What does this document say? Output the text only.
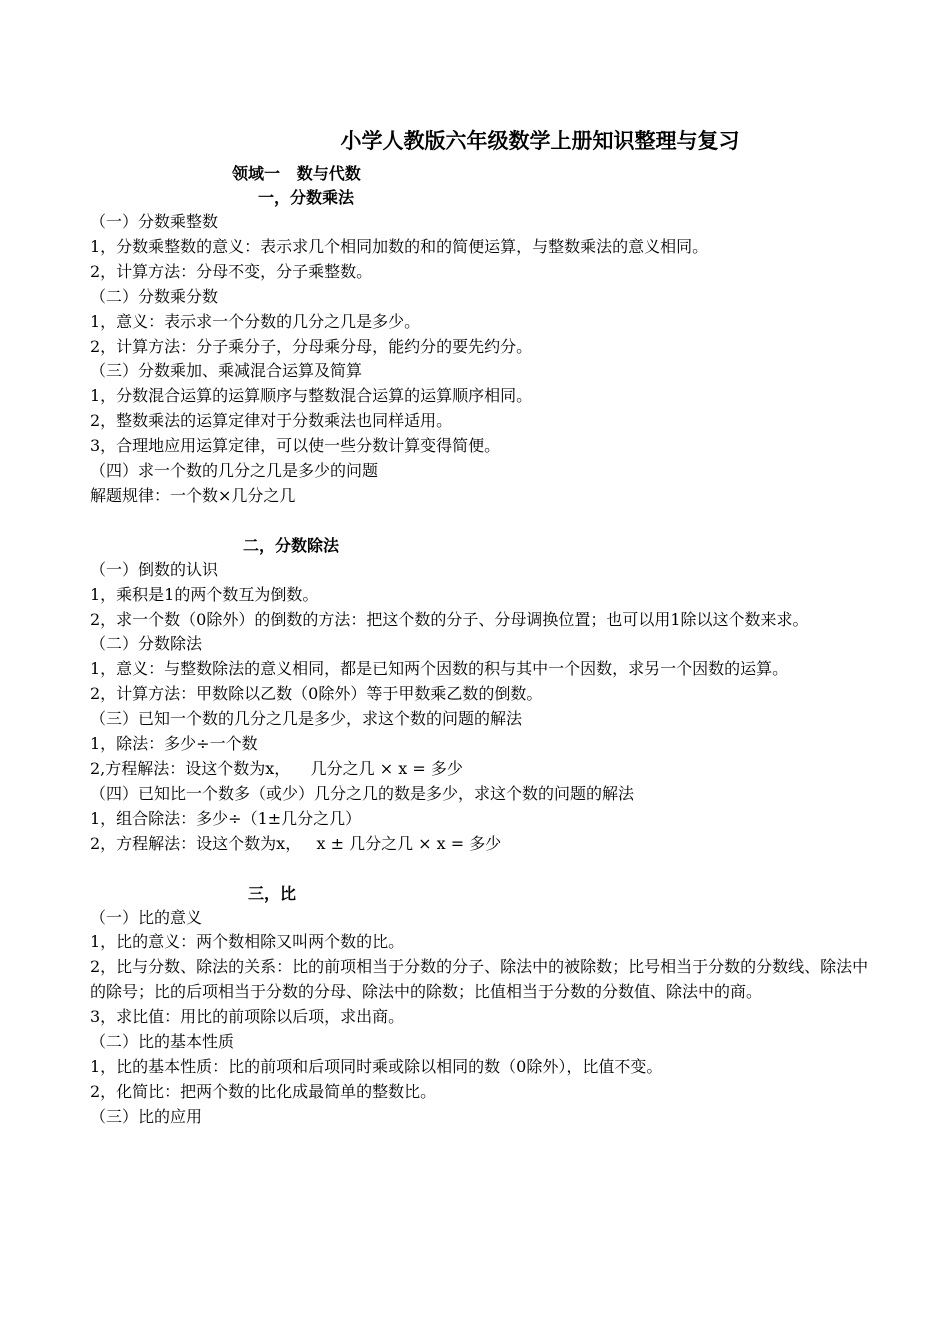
小学人教版六年级数学上册知识整理与复习
领域一   数与代数
一，分数乘法

（一）分数乘整数

1，分数乘整数的意义：表示求几个相同加数的和的简便运算，与整数乘法的意义相同。

2，计算方法：分母不变，分子乘整数。

（二）分数乘分数

1，意义：表示求一个分数的几分之几是多少。

2，计算方法：分子乘分子，分母乘分母，能约分的要先约分。

（三）分数乘加、乘减混合运算及简算

1，分数混合运算的运算顺序与整数混合运算的运算顺序相同。

2，整数乘法的运算定律对于分数乘法也同样适用。

3，合理地应用运算定律，可以使一些分数计算变得简便。

（四）求一个数的几分之几是多少的问题

解题规律：一个数×几分之几

二，分数除法

（一）倒数的认识

1，乘积是1的两个数互为倒数。

2，求一个数（0除外）的倒数的方法：把这个数的分子、分母调换位置；也可以用1除以这个数来求。

（二）分数除法

1，意义：与整数除法的意义相同，都是已知两个因数的积与其中一个因数，求另一个因数的运算。

2，计算方法：甲数除以乙数（0除外）等于甲数乘乙数的倒数。

（三）已知一个数的几分之几是多少，求这个数的问题的解法

1，除法：多少÷一个数

2,方程解法：设这个数为x，    几分之几 × x = 多少

（四）已知比一个数多（或少）几分之几的数是多少，求这个数的问题的解法

1，组合除法：多少÷（1±几分之几）

2，方程解法：设这个数为x，   x ± 几分之几 × x = 多少

三，比

（一）比的意义

1，比的意义：两个数相除又叫两个数的比。

2，比与分数、除法的关系：比的前项相当于分数的分子、除法中的被除数；比号相当于分数的分数线、除法中的除号；比的后项相当于分数的分母、除法中的除数；比值相当于分数的分数值、除法中的商。

3，求比值：用比的前项除以后项，求出商。

（二）比的基本性质

1，比的基本性质：比的前项和后项同时乘或除以相同的数（0除外），比值不变。

2，化简比：把两个数的比化成最简单的整数比。

（三）比的应用
